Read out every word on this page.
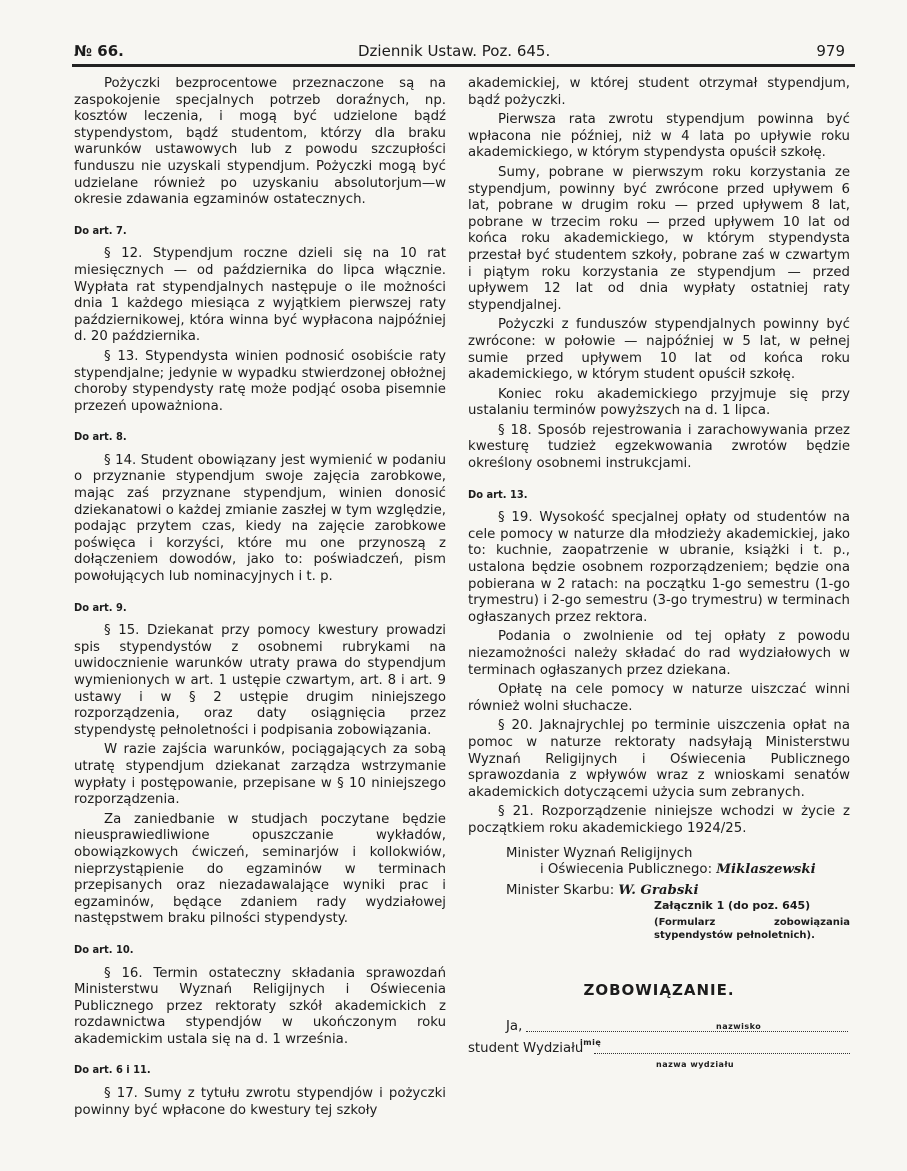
№ 66.	Dziennik Ustaw. Poz. 645.	979

Pożyczki bezprocentowe przeznaczone są na zaspokojenie specjalnych potrzeb doraźnych, np. kosztów leczenia, i mogą być udzielone bądź stypendystom, bądź studentom, którzy dla braku warunków ustawowych lub z powodu szczupłości funduszu nie uzyskali stypendjum. Pożyczki mogą być udzielane również po uzyskaniu absolutorjum—w okresie zdawania egzaminów ostatecznych.

Do art. 7.

§ 12. Stypendjum roczne dzieli się na 10 rat miesięcznych — od października do lipca włącznie. Wypłata rat stypendjalnych następuje o ile możności dnia 1 każdego miesiąca z wyjątkiem pierwszej raty październikowej, która winna być wypłacona najpóźniej d. 20 października.

§ 13. Stypendysta winien podnosić osobiście raty stypendjalne; jedynie w wypadku stwierdzonej obłożnej choroby stypendysty ratę może podjąć osoba pisemnie przezeń upoważniona.

Do art. 8.

§ 14. Student obowiązany jest wymienić w podaniu o przyznanie stypendjum swoje zajęcia zarobkowe, mając zaś przyznane stypendjum, winien donosić dziekanatowi o każdej zmianie zaszłej w tym względzie, podając przytem czas, kiedy na zajęcie zarobkowe poświęca i korzyści, które mu one przynoszą z dołączeniem dowodów, jako to: poświadczeń, pism powołujących lub nominacyjnych i t. p.

Do art. 9.

§ 15. Dziekanat przy pomocy kwestury prowadzi spis stypendystów z osobnemi rubrykami na uwidocznienie warunków utraty prawa do stypendjum wymienionych w art. 1 ustępie czwartym, art. 8 i art. 9 ustawy i w § 2 ustępie drugim niniejszego rozporządzenia, oraz daty osiągnięcia przez stypendystę pełnoletności i podpisania zobowiązania.

W razie zajścia warunków, pociągających za sobą utratę stypendjum dziekanat zarządza wstrzymanie wypłaty i postępowanie, przepisane w § 10 niniejszego rozporządzenia.

Za zaniedbanie w studjach poczytane będzie nieusprawiedliwione opuszczanie wykładów, obowiązkowych ćwiczeń, seminarjów i kollokwiów, nieprzystąpienie do egzaminów w terminach przepisanych oraz niezadawalające wyniki prac i egzaminów, będące zdaniem rady wydziałowej następstwem braku pilności stypendysty.

Do art. 10.

§ 16. Termin ostateczny składania sprawozdań Ministerstwu Wyznań Religijnych i Oświecenia Publicznego przez rektoraty szkół akademickich z rozdawnictwa stypendjów w ukończonym roku akademickim ustala się na d. 1 września.

Do art. 6 i 11.

§ 17. Sumy z tytułu zwrotu stypendjów i pożyczki powinny być wpłacone do kwestury tej szkoły

akademickiej, w której student otrzymał stypendjum, bądź pożyczki.

Pierwsza rata zwrotu stypendjum powinna być wpłacona nie później, niż w 4 lata po upływie roku akademickiego, w którym stypendysta opuścił szkołę.

Sumy, pobrane w pierwszym roku korzystania ze stypendjum, powinny być zwrócone przed upływem 6 lat, pobrane w drugim roku — przed upływem 8 lat, pobrane w trzecim roku — przed upływem 10 lat od końca roku akademickiego, w którym stypendysta przestał być studentem szkoły, pobrane zaś w czwartym i piątym roku korzystania ze stypendjum — przed upływem 12 lat od dnia wypłaty ostatniej raty stypendjalnej.

Pożyczki z funduszów stypendjalnych powinny być zwrócone: w połowie — najpóźniej w 5 lat, w pełnej sumie przed upływem 10 lat od końca roku akademickiego, w którym student opuścił szkołę.

Koniec roku akademickiego przyjmuje się przy ustalaniu terminów powyższych na d. 1 lipca.

§ 18. Sposób rejestrowania i zarachowywania przez kwesturę tudzież egzekwowania zwrotów będzie określony osobnemi instrukcjami.

Do art. 13.

§ 19. Wysokość specjalnej opłaty od studentów na cele pomocy w naturze dla młodzieży akademickiej, jako to: kuchnie, zaopatrzenie w ubranie, książki i t. p., ustalona będzie osobnem rozporządzeniem; będzie ona pobierana w 2 ratach: na początku 1-go semestru (1-go trymestru) i 2-go semestru (3-go trymestru) w terminach ogłaszanych przez rektora.

Podania o zwolnienie od tej opłaty z powodu niezamożności należy składać do rad wydziałowych w terminach ogłaszanych przez dziekana.

Opłatę na cele pomocy w naturze uiszczać winni również wolni słuchacze.

§ 20. Jaknajrychlej po terminie uiszczenia opłat na pomoc w naturze rektoraty nadsyłają Ministerstwu Wyznań Religijnych i Oświecenia Publicznego sprawozdania z wpływów wraz z wnioskami senatów akademickich dotyczącemi użycia sum zebranych.

§ 21. Rozporządzenie niniejsze wchodzi w życie z początkiem roku akademickiego 1924/25.

Minister Wyznań Religijnych

i Oświecenia Publicznego: Miklaszewski

Minister Skarbu: W. Grabski

Załącznik 1 (do poz. 645)

(Formularz zobowiązania stypendystów pełnoletnich).

ZOBOWIĄZANIE.

Ja,
imię
nazwisko
student Wydziału
nazwa wydziału
